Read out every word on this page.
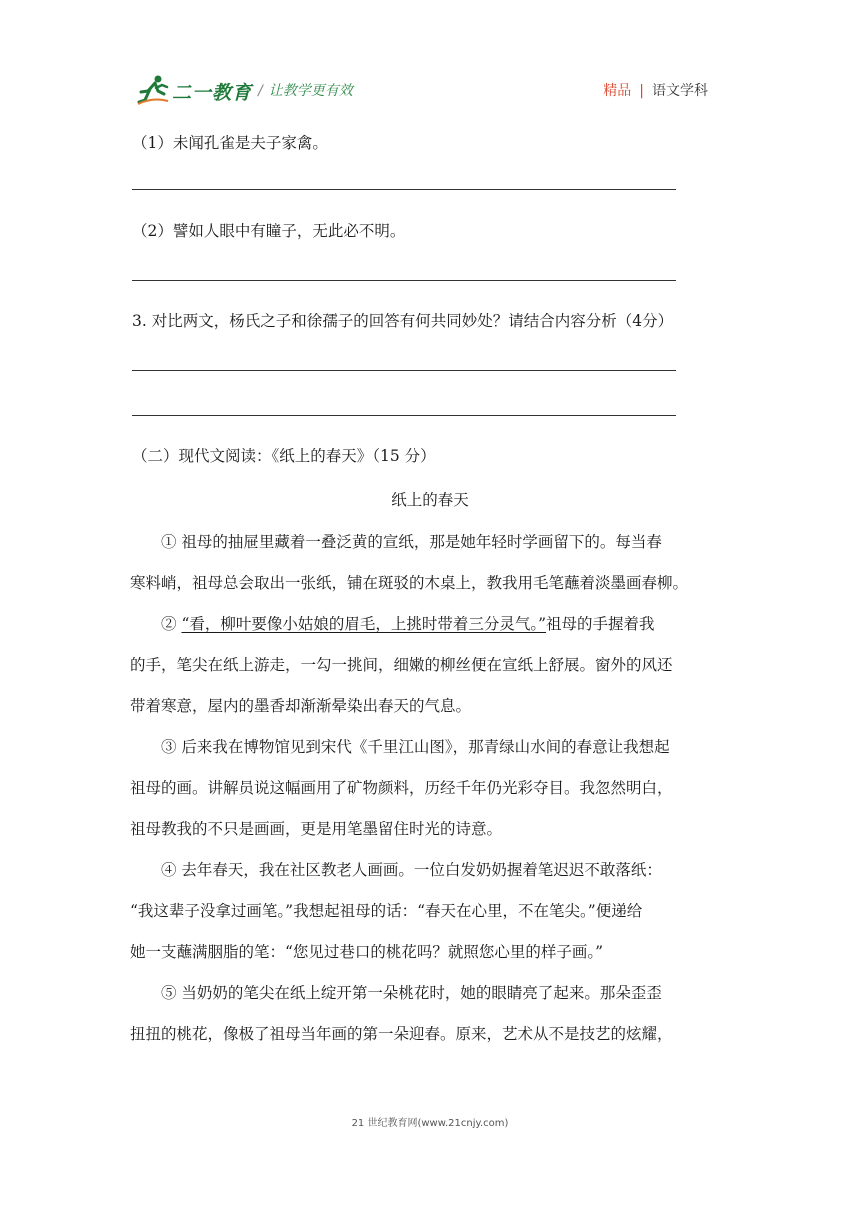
二一教育 / 让教学更有效	精品 | 语文学科
（1）未闻孔雀是夫子家禽。
（2）譬如人眼中有瞳子，无此必不明。
3. 对比两文，杨氏之子和徐孺子的回答有何共同妙处？请结合内容分析（4分）
（二）现代文阅读：《纸上的春天》（15 分）
纸上的春天

① 祖母的抽屉里藏着一叠泛黄的宣纸，那是她年轻时学画留下的。每当春

寒料峭，祖母总会取出一张纸，铺在斑驳的木桌上，教我用毛笔蘸着淡墨画春柳。

② “看，柳叶要像小姑娘的眉毛，上挑时带着三分灵气。”祖母的手握着我

的手，笔尖在纸上游走，一勾一挑间，细嫩的柳丝便在宣纸上舒展。窗外的风还

带着寒意，屋内的墨香却渐渐晕染出春天的气息。

③ 后来我在博物馆见到宋代《千里江山图》，那青绿山水间的春意让我想起

祖母的画。讲解员说这幅画用了矿物颜料，历经千年仍光彩夺目。我忽然明白，

祖母教我的不只是画画，更是用笔墨留住时光的诗意。

④ 去年春天，我在社区教老人画画。一位白发奶奶握着笔迟迟不敢落纸：

“我这辈子没拿过画笔。”我想起祖母的话：“春天在心里，不在笔尖。”便递给

她一支蘸满胭脂的笔：“您见过巷口的桃花吗？就照您心里的样子画。”

⑤ 当奶奶的笔尖在纸上绽开第一朵桃花时，她的眼睛亮了起来。那朵歪歪

扭扭的桃花，像极了祖母当年画的第一朵迎春。原来，艺术从不是技艺的炫耀，

21 世纪教育网(www.21cnjy.com)
